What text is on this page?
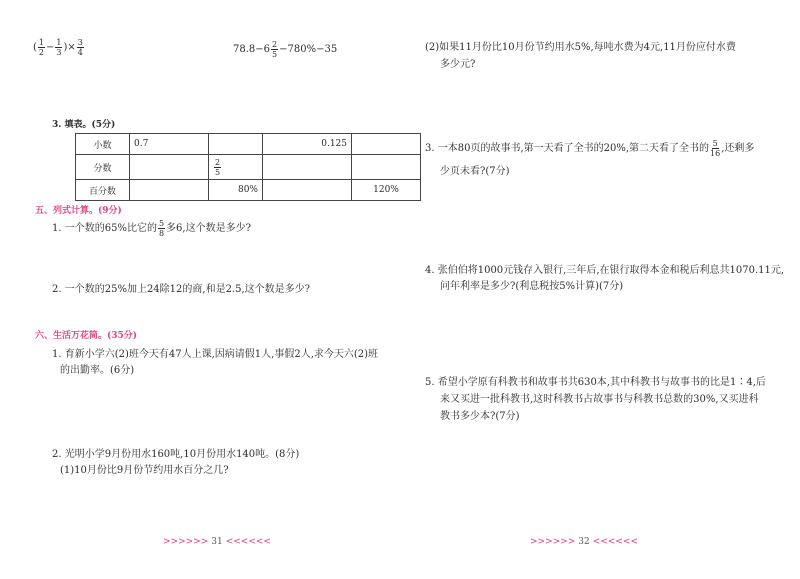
( $\frac{1}{2} - \frac{1}{3}$ )× $\frac{3}{4}$	$78.8-6 \frac{2}{5} -780\%-35$
3. 填表。(5分)
小数	0.7		0.125	
分数		$\frac{2}{5}$

百分数		80%		120%
五、列式计算。(9分)
1. 一个数的65%比它的 $\frac{5}{8}$ 多6,这个数是多少?
2. 一个数的25%加上24除12的商,和是2.5,这个数是多少?
六、生活万花筒。(35分)
1. 育新小学六(2)班今天有47人上课,因病请假1人,事假2人,求今天六(2)班
的出勤率。(6分)
2. 光明小学9月份用水160吨,10月份用水140吨。(8分)
(1)10月份比9月份节约用水百分之几?
>>>>>> 31 <<<<<<
(2)如果11月份比10月份节约用水5%,每吨水费为4元,11月份应付水费
多少元?
3. 一本80页的故事书,第一天看了全书的20%,第二天看了全书的 $\frac{5}{16}$ ,还剩多
少页未看?(7分)
4. 张伯伯将1000元钱存入银行,三年后,在银行取得本金和税后利息共1070.11元,
问年利率是多少?(利息税按5%计算)(7分)
5. 希望小学原有科教书和故事书共630本,其中科教书与故事书的比是1∶4,后
来又买进一批科教书,这时科教书占故事书与科教书总数的30%,又买进科
教书多少本?(7分)
>>>>>> 32 <<<<<<
